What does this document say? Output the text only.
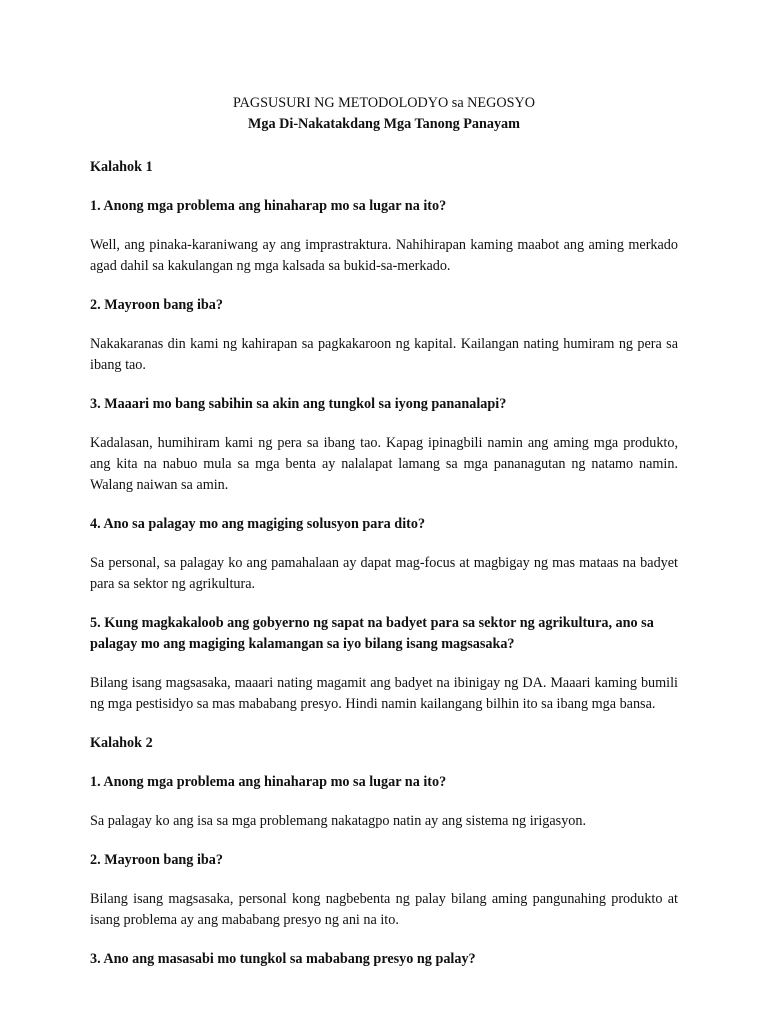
PAGSUSURI NG METODOLODYO sa NEGOSYO
Mga Di-Nakatakdang Mga Tanong Panayam
Kalahok 1
1. Anong mga problema ang hinaharap mo sa lugar na ito?
Well, ang pinaka-karaniwang ay ang imprastraktura. Nahihirapan kaming maabot ang aming merkado agad dahil sa kakulangan ng mga kalsada sa bukid-sa-merkado.
2. Mayroon bang iba?
Nakakaranas din kami ng kahirapan sa pagkakaroon ng kapital. Kailangan nating humiram ng pera sa ibang tao.
3. Maaari mo bang sabihin sa akin ang tungkol sa iyong pananalapi?
Kadalasan, humihiram kami ng pera sa ibang tao. Kapag ipinagbili namin ang aming mga produkto, ang kita na nabuo mula sa mga benta ay nalalapat lamang sa mga pananagutan ng natamo namin. Walang naiwan sa amin.
4. Ano sa palagay mo ang magiging solusyon para dito?
Sa personal, sa palagay ko ang pamahalaan ay dapat mag-focus at magbigay ng mas mataas na badyet para sa sektor ng agrikultura.
5. Kung magkakaloob ang gobyerno ng sapat na badyet para sa sektor ng agrikultura, ano sa palagay mo ang magiging kalamangan sa iyo bilang isang magsasaka?
Bilang isang magsasaka, maaari nating magamit ang badyet na ibinigay ng DA. Maaari kaming bumili ng mga pestisidyo sa mas mababang presyo. Hindi namin kailangang bilhin ito sa ibang mga bansa.
Kalahok 2
1. Anong mga problema ang hinaharap mo sa lugar na ito?
Sa palagay ko ang isa sa mga problemang nakatagpo natin ay ang sistema ng irigasyon.
2. Mayroon bang iba?
Bilang isang magsasaka, personal kong nagbebenta ng palay bilang aming pangunahing produkto at isang problema ay ang mababang presyo ng ani na ito.
3. Ano ang masasabi mo tungkol sa mababang presyo ng palay?
